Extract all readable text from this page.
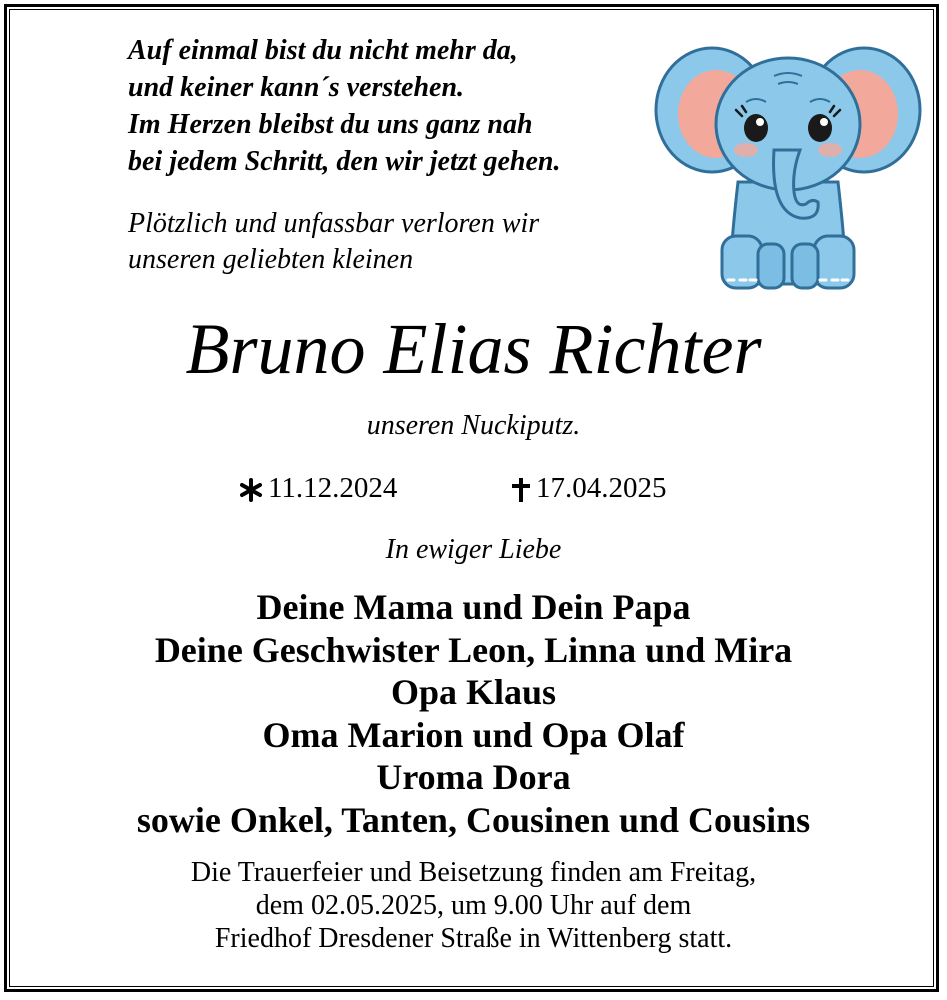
Auf einmal bist du nicht mehr da,
und keiner kann´s verstehen.
Im Herzen bleibst du uns ganz nah
bei jedem Schritt, den wir jetzt gehen.
Plötzlich und unfassbar verloren wir
unseren geliebten kleinen
Bruno Elias Richter
unseren Nuckiputz.
11.12.2024	17.04.2025
In ewiger Liebe
Deine Mama und Dein Papa
Deine Geschwister Leon, Linna und Mira
Opa Klaus
Oma Marion und Opa Olaf
Uroma Dora
sowie Onkel, Tanten, Cousinen und Cousins
Die Trauerfeier und Beisetzung finden am Freitag,
dem 02.05.2025, um 9.00 Uhr auf dem
Friedhof Dresdener Straße in Wittenberg statt.
